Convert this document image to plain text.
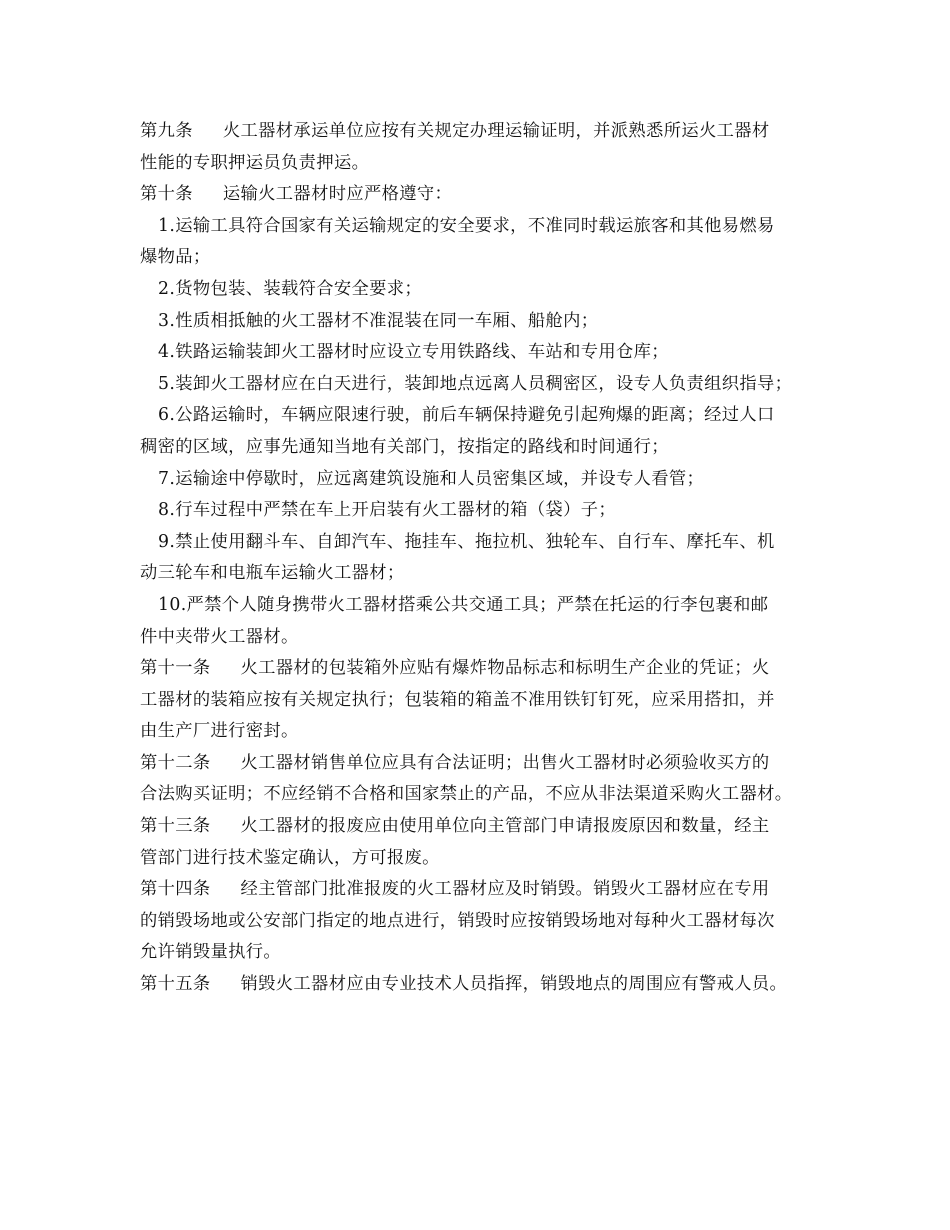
第九条 火工器材承运单位应按有关规定办理运输证明，并派熟悉所运火工器材
性能的专职押运员负责押运。
第十条 运输火工器材时应严格遵守：
1.运输工具符合国家有关运输规定的安全要求，不准同时载运旅客和其他易燃易
爆物品；
2.货物包装、装载符合安全要求；
3.性质相抵触的火工器材不准混装在同一车厢、船舱内；
4.铁路运输装卸火工器材时应设立专用铁路线、车站和专用仓库；
5.装卸火工器材应在白天进行，装卸地点远离人员稠密区，设专人负责组织指导；
6.公路运输时，车辆应限速行驶，前后车辆保持避免引起殉爆的距离；经过人口
稠密的区域，应事先通知当地有关部门，按指定的路线和时间通行；
7.运输途中停歇时，应远离建筑设施和人员密集区域，并设专人看管；
8.行车过程中严禁在车上开启装有火工器材的箱（袋）子；
9.禁止使用翻斗车、自卸汽车、拖挂车、拖拉机、独轮车、自行车、摩托车、机
动三轮车和电瓶车运输火工器材；
10.严禁个人随身携带火工器材搭乘公共交通工具；严禁在托运的行李包裹和邮
件中夹带火工器材。
第十一条 火工器材的包装箱外应贴有爆炸物品标志和标明生产企业的凭证；火
工器材的装箱应按有关规定执行；包装箱的箱盖不准用铁钉钉死，应采用搭扣，并
由生产厂进行密封。
第十二条 火工器材销售单位应具有合法证明；出售火工器材时必须验收买方的
合法购买证明；不应经销不合格和国家禁止的产品，不应从非法渠道采购火工器材。
第十三条 火工器材的报废应由使用单位向主管部门申请报废原因和数量，经主
管部门进行技术鉴定确认，方可报废。
第十四条 经主管部门批准报废的火工器材应及时销毁。销毁火工器材应在专用
的销毁场地或公安部门指定的地点进行，销毁时应按销毁场地对每种火工器材每次
允许销毁量执行。
第十五条 销毁火工器材应由专业技术人员指挥，销毁地点的周围应有警戒人员。
